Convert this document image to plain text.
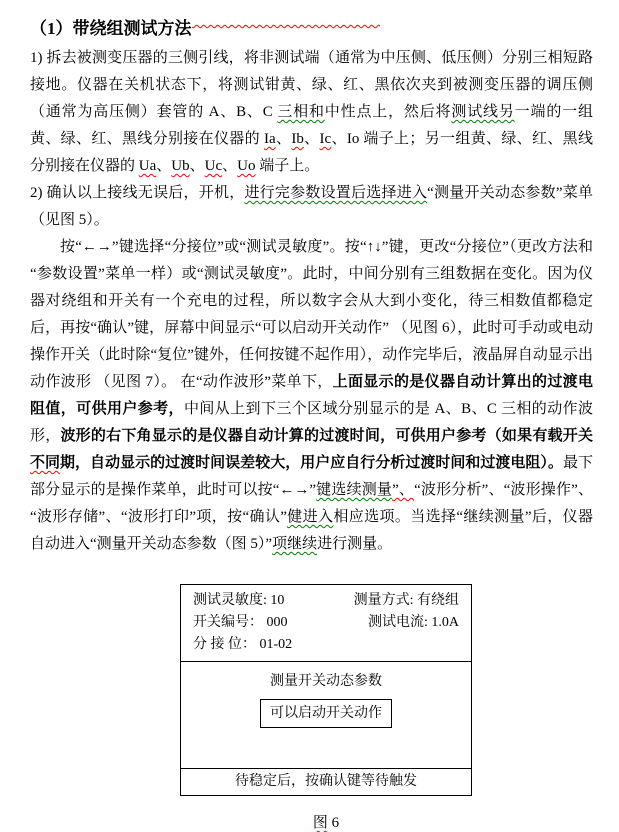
（1）带绕组测试方法

1) 拆去被测变压器的三侧引线，将非测试端（通常为中压侧、低压侧）分别三相短路接地。仪器在关机状态下，将测试钳黄、绿、红、黑依次夹到被测变压器的调压侧（通常为高压侧）套管的 A、B、C 三相和中性点上，然后将测试线另一端的一组黄、绿、红、黑线分别接在仪器的 Ia、Ib、Ic、Io 端子上；另一组黄、绿、红、黑线分别接在仪器的 Ua、Ub、Uc、Uo 端子上。

2) 确认以上接线无误后，开机，进行完参数设置后选择进入“测量开关动态参数”菜单（见图 5）。

按“←→”键选择“分接位”或“测试灵敏度”。按“↑↓”键，更改“分接位”（更改方法和“参数设置”菜单一样）或“测试灵敏度”。此时，中间分别有三组数据在变化。因为仪器对绕组和开关有一个充电的过程，所以数字会从大到小变化，待三相数值都稳定后，再按“确认”键，屏幕中间显示“可以启动开关动作” （见图 6），此时可手动或电动操作开关（此时除“复位”键外，任何按键不起作用），动作完毕后，液晶屏自动显示出动作波形 （见图 7）。 在“动作波形”菜单下，上面显示的是仪器自动计算出的过渡电阻值，可供用户参考，中间从上到下三个区域分别显示的是 A、B、C 三相的动作波形，波形的右下角显示的是仪器自动计算的过渡时间，可供用户参考（如果有载开关不同期，自动显示的过渡时间误差较大，用户应自行分析过渡时间和过渡电阻）。最下部分显示的是操作菜单，此时可以按“←→”键选续测量”、“波形分析”、“波形操作”、“波形存储”、“波形打印”项，按“确认”健进入相应选项。当选择“继续测量”后，仪器自动进入“测量开关动态参数（图 5）”项继续进行测量。

测试灵敏度: 10	测量方式: 有绕组
开关编号： 000	测试电流: 1.0A
分 接 位： 01-02
测量开关动态参数
可以启动开关动作
待稳定后，按确认键等待触发
图 6
